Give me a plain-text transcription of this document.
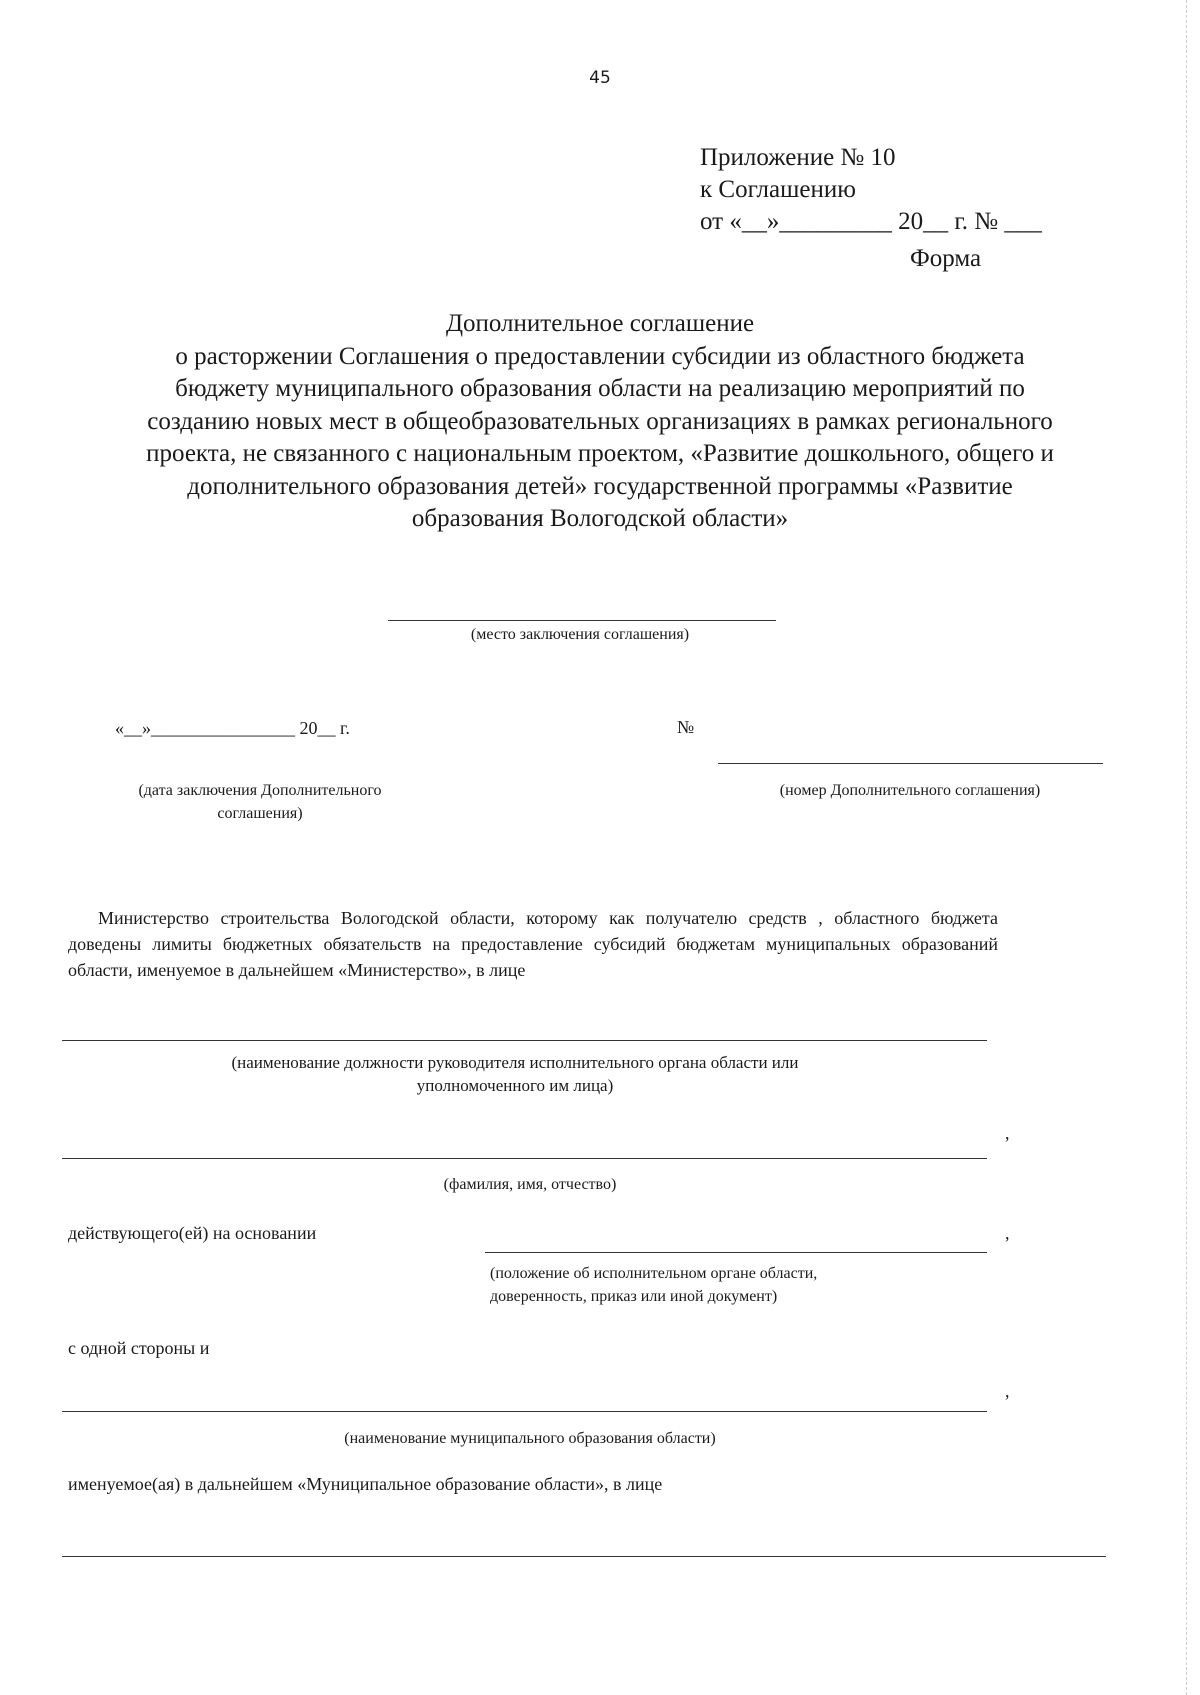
45
Приложение № 10
к Соглашению
от «__»_________ 20__ г. № ___
Форма
Дополнительное соглашение
о расторжении Соглашения о предоставлении субсидии из областного бюджета
бюджету муниципального образования области на реализацию мероприятий по
созданию новых мест в общеобразовательных организациях в рамках регионального
проекта, не связанного с национальным проектом, «Развитие дошкольного, общего и
дополнительного образования детей» государственной программы «Развитие
образования Вологодской области»
(место заключения соглашения)
«__»________________ 20__ г.	№
(дата заключения Дополнительного
соглашения)
(номер Дополнительного соглашения)
Министерство строительства Вологодской области, которому как получателю средств , областного бюджета доведены лимиты бюджетных обязательств на предоставление субсидий бюджетам муниципальных образований области, именуемое в дальнейшем «Министерство», в лице
(наименование должности руководителя исполнительного органа области или
уполномоченного им лица)
,
(фамилия, имя, отчество)
действующего(ей) на основании	,
(положение об исполнительном органе области,
доверенность, приказ или иной документ)
с одной стороны и
,
(наименование муниципального образования области)
именуемое(ая) в дальнейшем «Муниципальное образование области», в лице
